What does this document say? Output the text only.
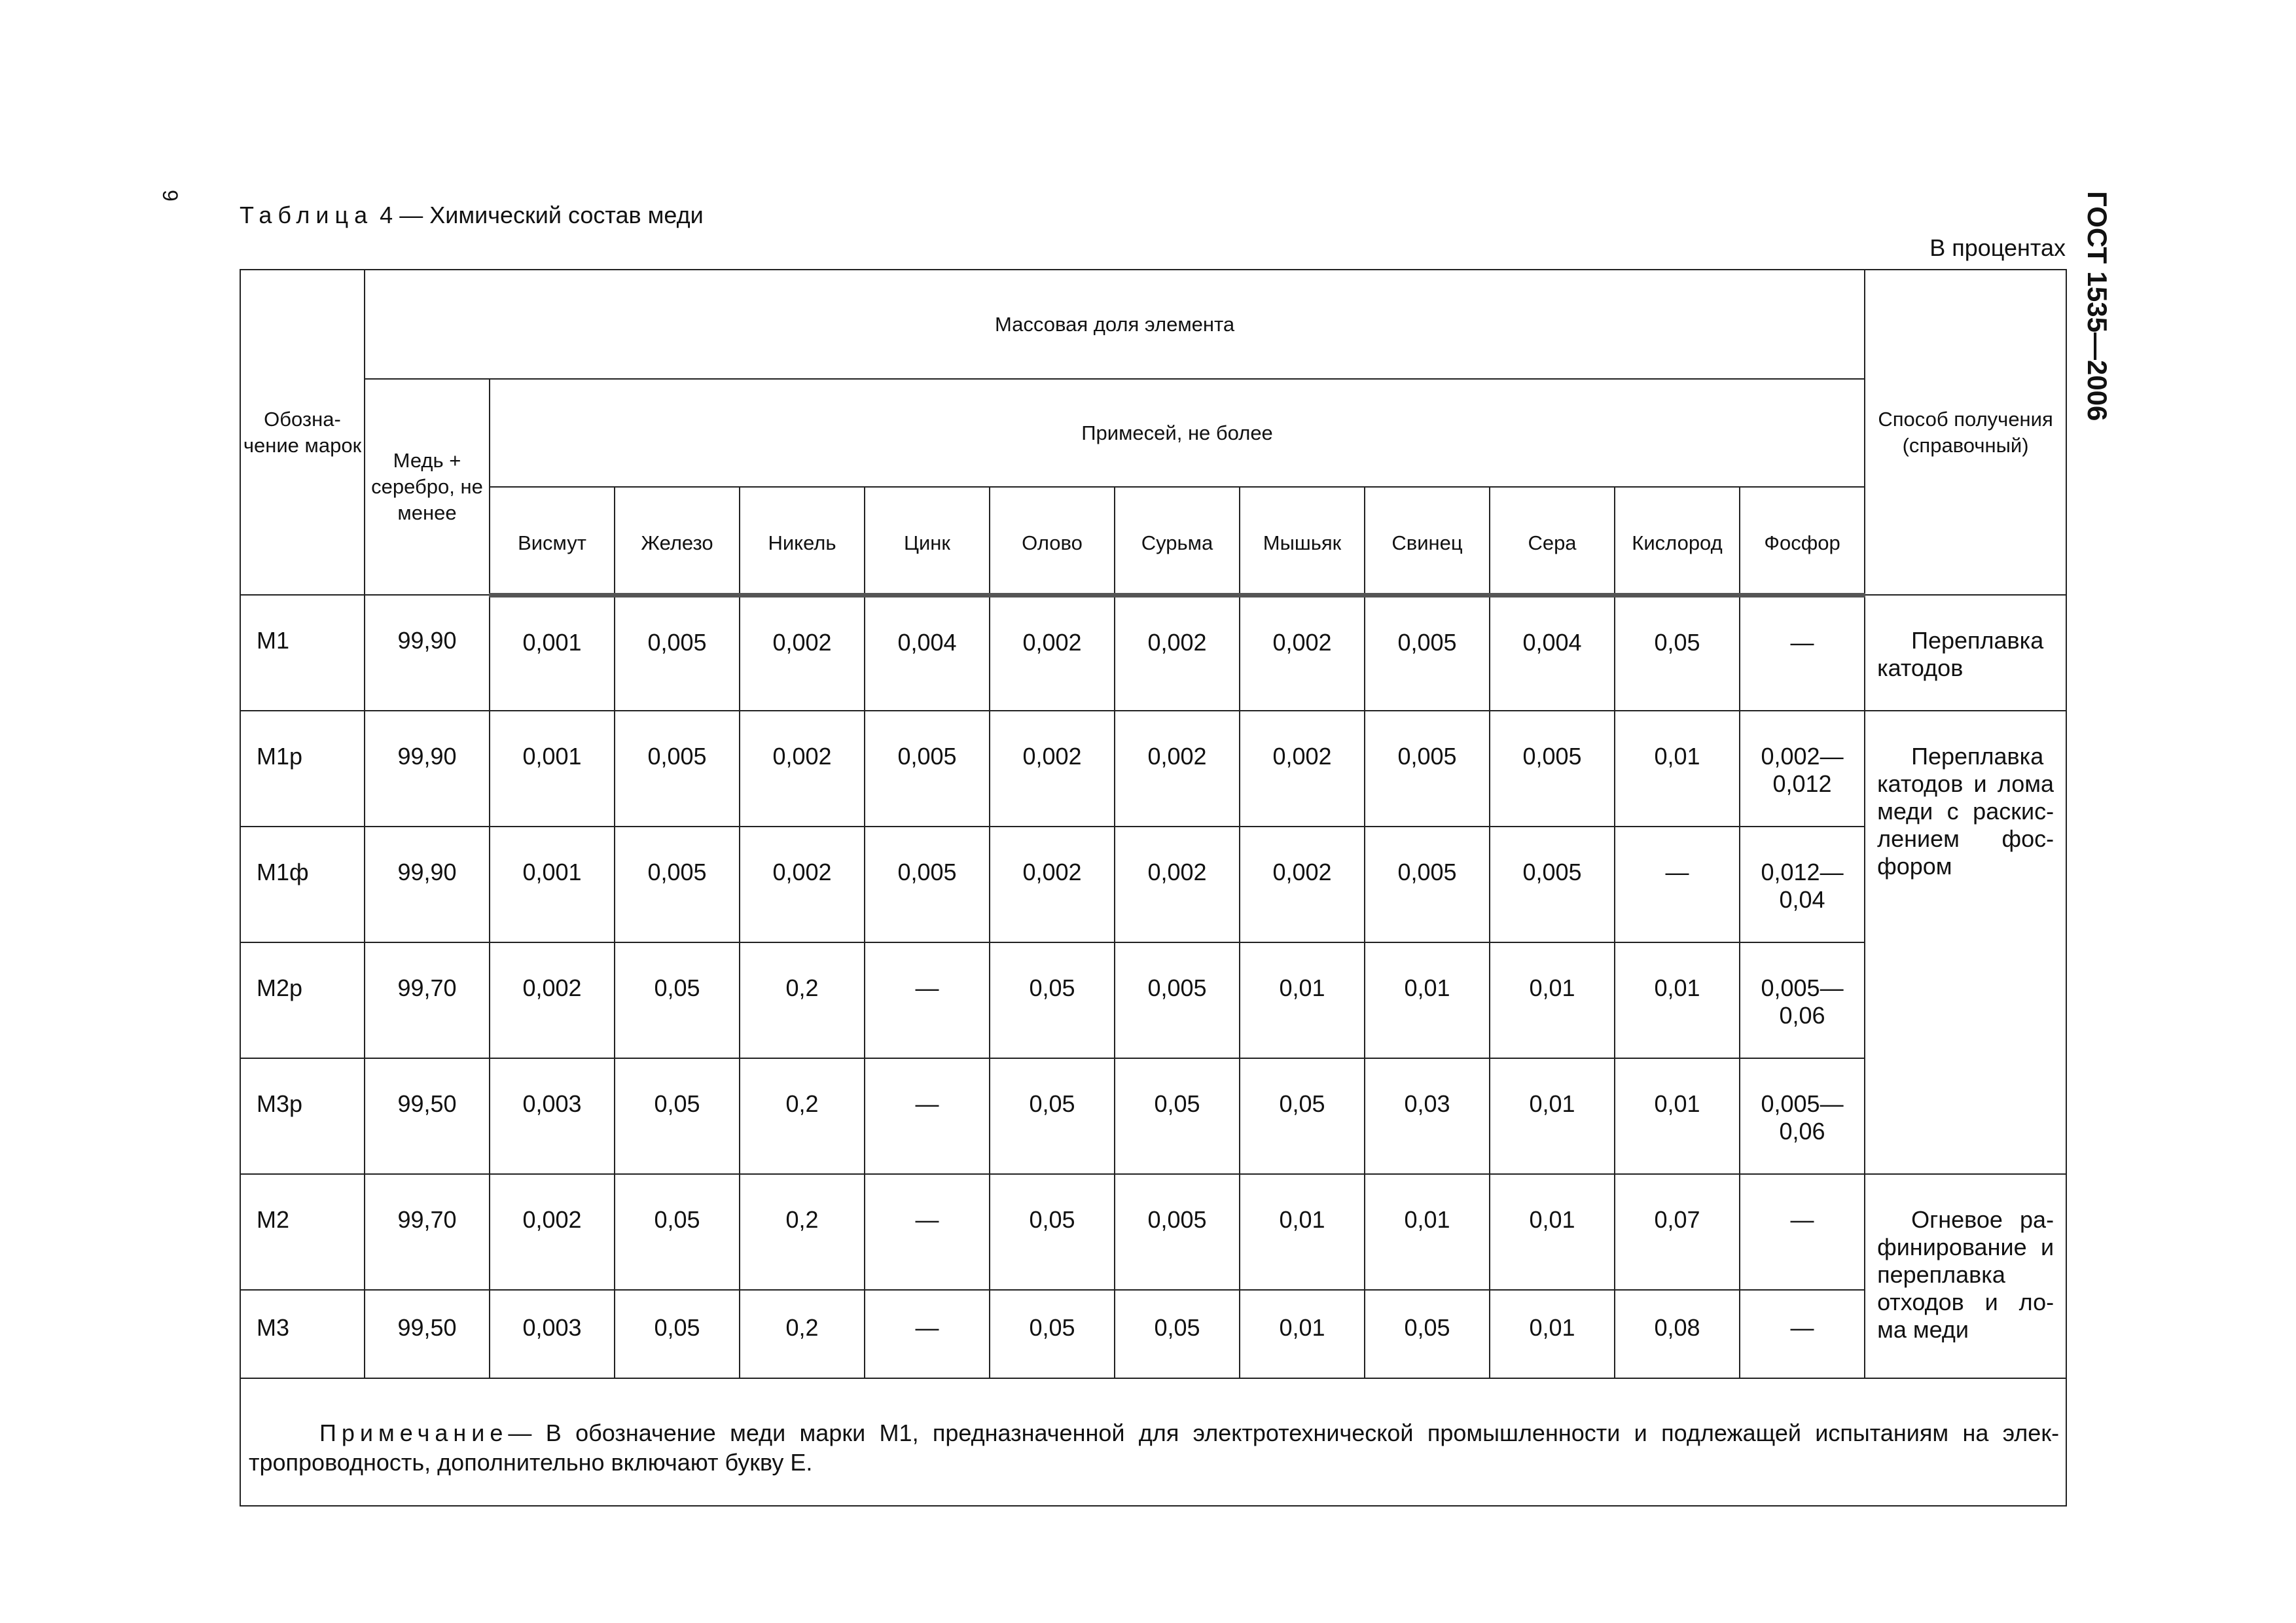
9	ГОСТ 1535—2006
Таблица 4 — Химический состав меди
В процентах
Обозна-чение марок	Массовая доля элемента												Способ получения (справочный)
	Медь + серебро, не менее	Примесей, не более											
		Висмут	Железо	Никель	Цинк	Олово	Сурьма	Мышьяк	Свинец	Сера	Кислород	Фосфор	
М1	99,90	0,001	0,005	0,002	0,004	0,002	0,002	0,002	0,005	0,004	0,05	—	Переплавка катодов
М1р	99,90	0,001	0,005	0,002	0,005	0,002	0,002	0,002	0,005	0,005	0,01	0,002— 0,012	Переплавка катодов и лома меди с раскис-лением фос-фором
М1ф	99,90	0,001	0,005	0,002	0,005	0,002	0,002	0,002	0,005	0,005	—	0,012— 0,04	
М2р	99,70	0,002	0,05	0,2	—	0,05	0,005	0,01	0,01	0,01	0,01	0,005— 0,06	
М3р	99,50	0,003	0,05	0,2	—	0,05	0,05	0,05	0,03	0,01	0,01	0,005— 0,06	
М2	99,70	0,002	0,05	0,2	—	0,05	0,005	0,01	0,01	0,01	0,07	—	Огневое ра-финирование и переплавка отходов и ло-ма меди
М3	99,50	0,003	0,05	0,2	—	0,05	0,05	0,01	0,05	0,01	0,08	—	
Примечание— В обозначение меди марки М1, предназначенной для электротехнической промышленности и подлежащей испытаниям на элек-тропроводность, дополнительно включают букву Е.													
